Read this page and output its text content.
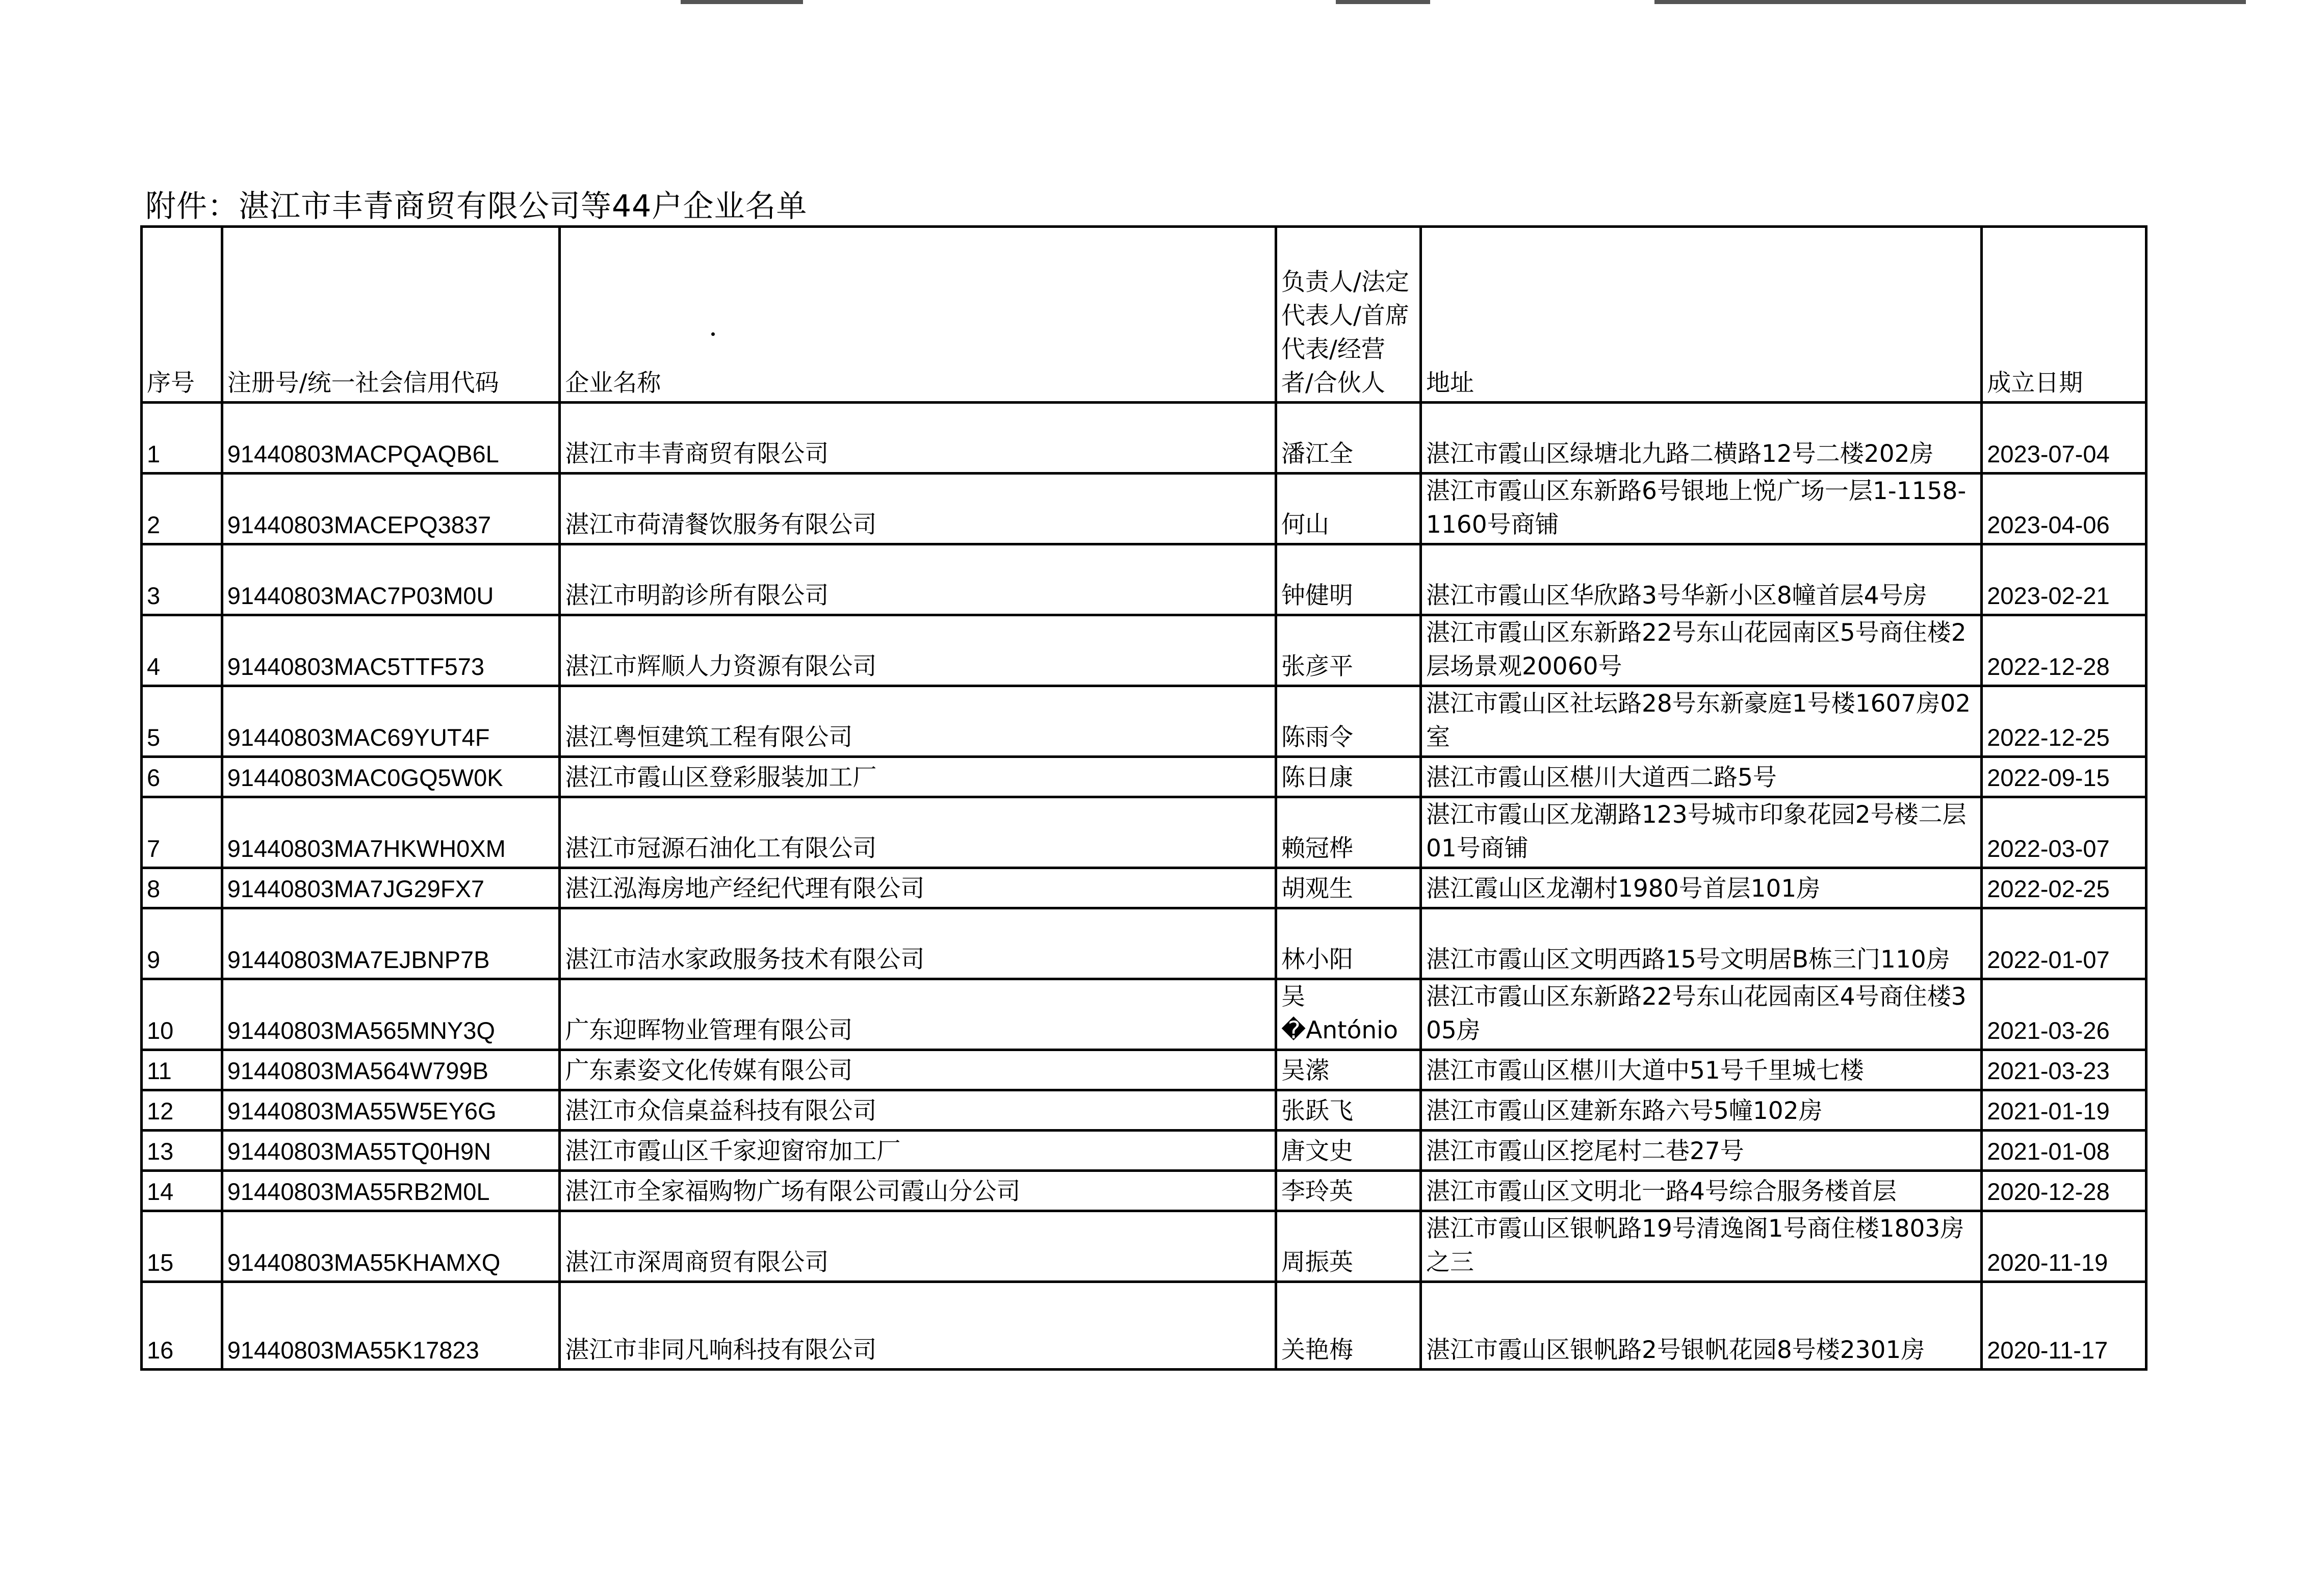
附件：湛江市丰青商贸有限公司等44户企业名单
序号	注册号/统一社会信用代码	企业名称	负责人/法定代表人/首席代表/经营者/合伙人	地址	成立日期
1	91440803MACPQAQB6L	湛江市丰青商贸有限公司	潘江全	湛江市霞山区绿塘北九路二横路12号二楼202房	2023-07-04
2	91440803MACEPQ3837	湛江市荷清餐饮服务有限公司	何山	湛江市霞山区东新路6号银地上悦广场一层1-1158-1160号商铺	2023-04-06
3	91440803MAC7P03M0U	湛江市明韵诊所有限公司	钟健明	湛江市霞山区华欣路3号华新小区8幢首层4号房	2023-02-21
4	91440803MAC5TTF573	湛江市辉顺人力资源有限公司	张彦平	湛江市霞山区东新路22号东山花园南区5号商住楼2层场景观20060号	2022-12-28
5	91440803MAC69YUT4F	湛江粤恒建筑工程有限公司	陈雨令	湛江市霞山区社坛路28号东新豪庭1号楼1607房02室	2022-12-25
6	91440803MAC0GQ5W0K	湛江市霞山区登彩服装加工厂	陈日康	湛江市霞山区椹川大道西二路5号	2022-09-15
7	91440803MA7HKWH0XM	湛江市冠源石油化工有限公司	赖冠桦	湛江市霞山区龙潮路123号城市印象花园2号楼二层01号商铺	2022-03-07
8	91440803MA7JG29FX7	湛江泓海房地产经纪代理有限公司	胡观生	湛江霞山区龙潮村1980号首层101房	2022-02-25
9	91440803MA7EJBNP7B	湛江市洁水家政服务技术有限公司	林小阳	湛江市霞山区文明西路15号文明居B栋三门110房	2022-01-07
10	91440803MA565MNY3Q	广东迎晖物业管理有限公司	吴�António	湛江市霞山区东新路22号东山花园南区4号商住楼305房	2021-03-26
11	91440803MA564W799B	广东素姿文化传媒有限公司	吴潆	湛江市霞山区椹川大道中51号千里城七楼	2021-03-23
12	91440803MA55W5EY6G	湛江市众信桌益科技有限公司	张跃飞	湛江市霞山区建新东路六号5幢102房	2021-01-19
13	91440803MA55TQ0H9N	湛江市霞山区千家迎窗帘加工厂	唐文史	湛江市霞山区挖尾村二巷27号	2021-01-08
14	91440803MA55RB2M0L	湛江市全家福购物广场有限公司霞山分公司	李玲英	湛江市霞山区文明北一路4号综合服务楼首层	2020-12-28
15	91440803MA55KHAMXQ	湛江市深周商贸有限公司	周振英	湛江市霞山区银帆路19号清逸阁1号商住楼1803房之三	2020-11-19
16	91440803MA55K17823	湛江市非同凡响科技有限公司	关艳梅	湛江市霞山区银帆路2号银帆花园8号楼2301房	2020-11-17
